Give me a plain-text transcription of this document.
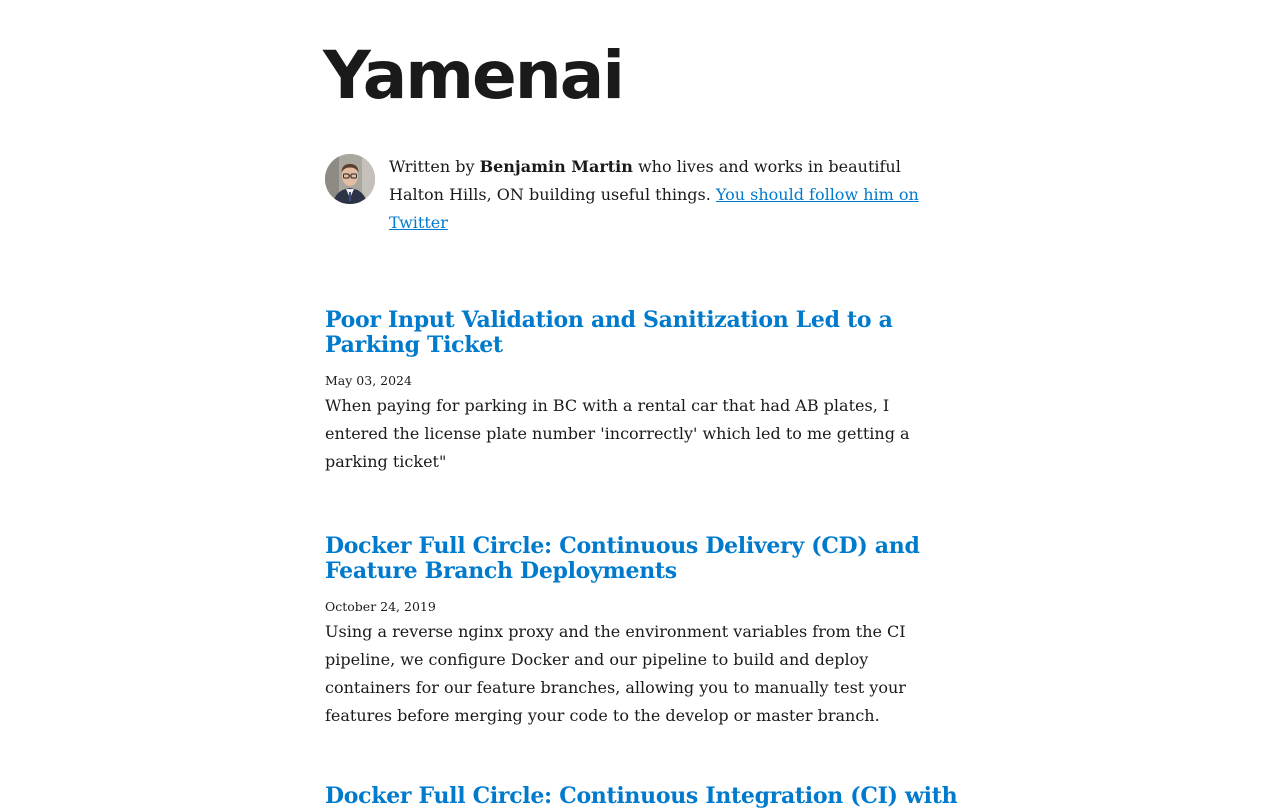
Yamenai

Written by Benjamin Martin who lives and works in beautiful Halton Hills, ON building useful things. You should follow him on Twitter

Poor Input Validation and Sanitization Led to a Parking Ticket
May 03, 2024
When paying for parking in BC with a rental car that had AB plates, I entered the license plate number 'incorrectly' which led to me getting a parking ticket"
Docker Full Circle: Continuous Delivery (CD) and Feature Branch Deployments
October 24, 2019
Using a reverse nginx proxy and the environment variables from the CI pipeline, we configure Docker and our pipeline to build and deploy containers for our feature branches, allowing you to manually test your features before merging your code to the develop or master branch.
Docker Full Circle: Continuous Integration (CI) with
